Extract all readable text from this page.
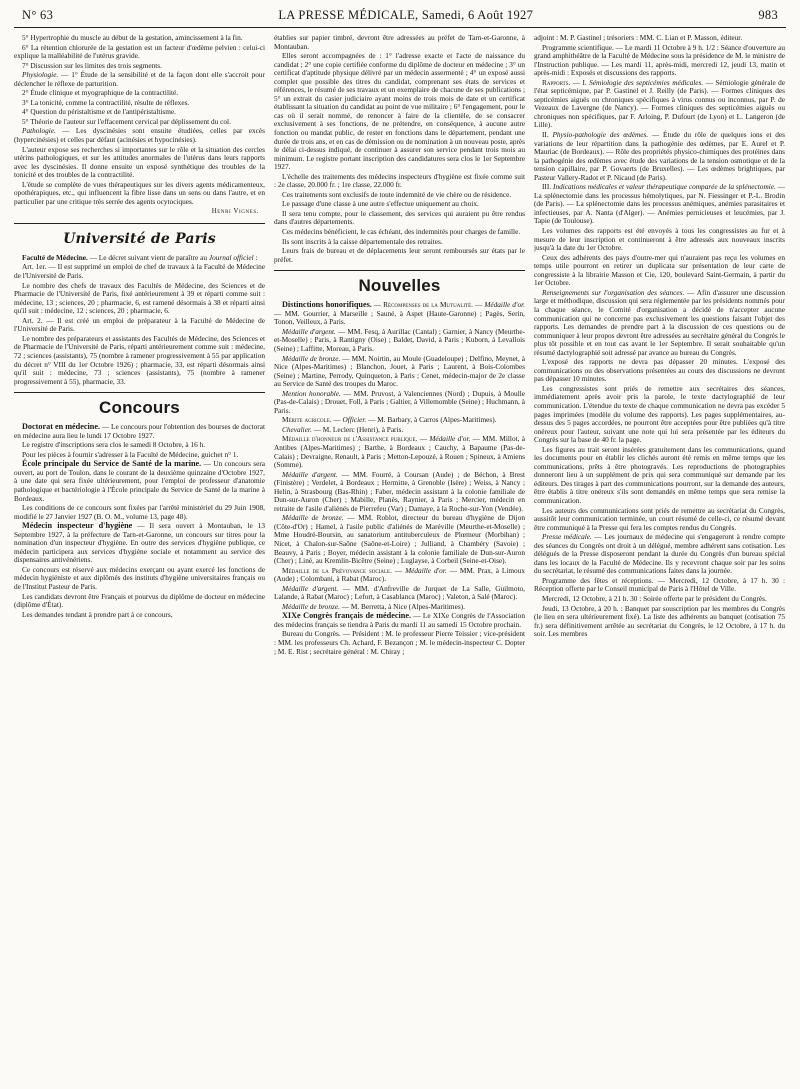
N° 63	LA PRESSE MÉDICALE, Samedi, 6 Août 1927	983

5° Hypertrophie du muscle au début de la gestation, amincissement à la fin.

6° La rétention chlorurée de la gestation est un facteur d'œdème pelvien : celui-ci explique la malléabilité de l'utérus gravide.

7° Discussion sur les limites des trois segments.

Physiologie. — 1° Étude de la sensibilité et de la façon dont elle s'accroit pour déclencher le réflexe de parturition.

2° Étude clinique et myographique de la contractilité.

3° La tonicité, comme la contractilité, résulte de réflexes.

4° Question du péristaltisme et de l'antipéristaltisme.

5° Théorie de l'auteur sur l'effacement cervical par déplissement du col.

Pathologie. — Les dyscinésies sont ensuite étudiées, celles par excès (hypercinésies) et celles par défaut (acinésies et hypocinésies).

L'auteur expose ses recherches si importantes sur le rôle et la situation des cercles utérins pathologiques, et sur les attitudes anormales de l'utérus dans leurs rapports avec les dyscinésies. Il donne ensuite un exposé synthétique des troubles de la tonicité et des troubles de la contractilité.

L'étude se complète de vues thérapeutiques sur les divers agents médicamenteux, opothérapiques, etc., qui influencent la fibre lisse dans un sens ou dans l'autre, et en particulier par une critique très serrée des agents ocytociques.

Henri Vignes.
Université de Paris

Faculté de Médecine. — Le décret suivant vient de paraître au Journal officiel :

Art. 1er. — Il est supprimé un emploi de chef de travaux à la Faculté de Médecine de l'Université de Paris.

Le nombre des chefs de travaux des Facultés de Médecine, des Sciences et de Pharmacie de l'Université de Paris, fixé antérieurement à 39 et réparti comme suit : médecine, 13 ; sciences, 20 ; pharmacie, 6, est ramené désormais à 38 et réparti ainsi qu'il suit : médecine, 12 ; sciences, 20 ; pharmacie, 6.

Art. 2. — Il est créé un emploi de préparateur à la Faculté de Médecine de l'Université de Paris.

Le nombre des préparateurs et assistants des Facultés de Médecine, des Sciences et de Pharmacie de l'Université de Paris, réparti antérieurement comme suit : médecine, 72 ; sciences (assistants), 75 (nombre à ramener progressivement à 55 par application du décret n° VIII du 1er Octobre 1926) ; pharmacie, 33, est réparti désormais ainsi qu'il suit : médecine, 73 ; sciences (assistants), 75 (nombre à ramener progressivement à 55), pharmacie, 33.

Concours

Doctorat en médecine. — Le concours pour l'obtention des bourses de doctorat en médecine aura lieu le lundi 17 Octobre 1927.

Le registre d'inscriptions sera clos le samedi 8 Octobre, à 16 h.

Pour les pièces à fournir s'adresser à la Faculté de Médecine, guichet n° 1.

École principale du Service de Santé de la marine. — Un concours sera ouvert, au port de Toulon, dans le courant de la deuxième quinzaine d'Octobre 1927, à une date qui sera fixée ultérieurement, pour l'emploi de professeur d'anatomie pathologique et bactériologie à l'École principale du Service de Santé de la marine à Bordeaux.

Les conditions de ce concours sont fixées par l'arrêté ministériel du 29 Juin 1908, modifié le 27 Janvier 1927 (B. O. M., volume 13, page 48).

Médecin inspecteur d'hygiène — Il sera ouvert à Montauban, le 13 Septembre 1927, à la préfecture de Tarn-et-Garonne, un concours sur titres pour la nomination d'un inspecteur d'hygiène. En outre des services d'hygiène publique, ce médecin participera aux services d'hygiène sociale et notamment au service des dispensaires antivénériens.

Ce concours est réservé aux médecins exerçant ou ayant exercé les fonctions de médecin hygiéniste et aux diplômés des instituts d'hygiène universitaires français ou de l'Institut Pasteur de Paris.

Les candidats devront être Français et pourvus du diplôme de docteur en médecine (diplôme d'État).

Les demandes tendant à prendre part à ce concours,

établies sur papier timbré, devront être adressées au préfet de Tarn-et-Garonne, à Montauban.

Elles seront accompagnées de : 1° l'adresse exacte et l'acte de naissance du candidat ; 2° une copie certifiée conforme du diplôme de docteur en médecine ; 3° un certificat d'aptitude physique délivré par un médecin assermenté ; 4° un exposé aussi complet que possible des titres du candidat, comprenant ses états de services et références, le résumé de ses travaux et un exemplaire de chacune de ses publications ; 5° un extrait du casier judiciaire ayant moins de trois mois de date et un certificat établissant la situation du candidat au point de vue militaire ; 6° l'engagement, pour le cas où il serait nommé, de renoncer à faire de la clientèle, de se consacrer exclusivement à ses fonctions, de ne prétendre, en conséquence, à aucune autre fonction ou mandat public, de rester en fonctions dans le département, pendant une durée de trois ans, et en cas de démission ou de nomination à un nouveau poste, après le délai ci-dessus indiqué, de continuer à assurer son service pendant trois mois au minimum. Le registre portant inscription des candidatures sera clos le 1er Septembre 1927.

L'échelle des traitements des médecins inspecteurs d'hygiène est fixée comme suit : 2e classe, 20.000 fr. ; 1re classe, 22.000 fr.

Ces traitements sont exclusifs de toute indemnité de vie chère ou de résidence.

Le passage d'une classe à une autre s'effectue uniquement au choix.

Il sera tenu compte, pour le classement, des services qui auraient pu être rendus dans d'autres départements.

Ces médecins bénéficient, le cas échéant, des indemnités pour charges de famille.

Ils sont inscrits à la caisse départementale des retraites.

Leurs frais de bureau et de déplacements leur seront remboursés sur états par le préfet.

Nouvelles

Distinctions honorifiques. — Récompenses de la Mutualité. — Médaille d'or. — MM. Gourrier, à Marseille ; Sauné, à Aspet (Haute-Garonne) ; Pagès, Serin, Tonon, Veilleux, à Paris.

Médaille d'argent. — MM. Fesq, à Aurillac (Cantal) ; Garnier, à Nancy (Meurthe-et-Moselle) ; Paris, à Rantigny (Oise) ; Baldet, David, à Paris ; Kuborn, à Levallois (Seine) ; Laffitte, Moreau, à Paris.

Médaille de bronze. — MM. Noirtin, au Moule (Guadeloupe) ; Delfino, Meynet, à Nice (Alpes-Maritimes) ; Blanchon, Jouet, à Paris ; Laurent, à Bois-Colombes (Seine) ; Martine, Perrody, Quinqueton, à Paris ; Cenet, médecin-major de 2e classe au Service de Santé des troupes du Maroc.

Mention honorable. — MM. Pruvost, à Valenciennes (Nord) ; Dupuis, à Moulle (Pas-de-Calais) ; Drouet, Foll, à Paris ; Galtier, à Villemomble (Seine) ; Huchmann, à Paris.

Mérite agricole. — Officier. — M. Barbary, à Carros (Alpes-Maritimes).

Chevalier. — M. Leclerc (Henri), à Paris.

Médaille d'honneur de l'Assistance publique. — Médaille d'or. — MM. Millot, à Antibes (Alpes-Maritimes) ; Barthe, à Bordeaux ; Cauchy, à Bapaume (Pas-de-Calais) ; Devraigne, Renault, à Paris ; Metton-Lepouzé, à Rouen ; Spineux, à Amiens (Somme).

Médaille d'argent. — MM. Fourré, à Coursan (Aude) ; de Béchon, à Brest (Finistère) ; Verdelet, à Bordeaux ; Hermitte, à Grenoble (Isère) ; Weiss, à Nancy ; Helin, à Strasbourg (Bas-Rhin) ; Faber, médecin assistant à la colonie familiale de Dun-sur-Auron (Cher) ; Mabille, Planès, Raynier, à Paris ; Mercier, médecin en retraite de l'asile d'aliénés de Pierrefeu (Var) ; Damaye, à la Roche-sur-Yon (Vendée).

Médaille de bronze. — MM. Roblot, directeur du bureau d'hygiène de Dijon (Côte-d'Or) ; Hamel, à l'asile public d'aliénés de Maréville (Meurthe-et-Moselle) ; Mme Houdré-Boursin, au sanatorium antituberculeux de Plœmeur (Morbihan) ; Nicet, à Chalon-sur-Saône (Saône-et-Loire) ; Julliand, à Chambéry (Savoie) ; Beauvy, à Paris ; Boyer, médecin assistant à la colonie familiale de Dun-sur-Auron (Cher) ; Liné, au Kremlin-Bicêtre (Seine) ; Luglayse, à Corbeil (Seine-et-Oise).

Médaille de la Prévoyance sociale. — Médaille d'or. — MM. Prax, à Limoux (Aude) ; Colombani, à Rabat (Maroc).

Médaille d'argent. — MM. d'Anfreville de Jurquet de La Salle, Guilmoto, Lalande, à Rabat (Maroc) ; Lefort, à Casablanca (Maroc) ; Valeton, à Salé (Maroc).

Médaille de bronze. — M. Berretta, à Nice (Alpes-Maritimes).

XIXe Congrès français de médecine. — Le XIXe Congrès de l'Association des médecins français se tiendra à Paris du mardi 11 au samedi 15 Octobre prochain.

Bureau du Congrès. — Président : M. le professeur Pierre Teissier ; vice-président : MM. les professeurs Ch. Achard, F. Bezançon ; M. le médecin-inspecteur C. Dopter ; M. E. Rist ; secrétaire général : M. Chiray ;

adjoint : M. P. Gastinel ; trésoriers : MM. C. Lian et P. Masson, éditeur.

Programme scientifique. — Le mardi 11 Octobre à 9 h. 1/2 : Séance d'ouverture au grand amphithéâtre de la Faculté de Médecine sous la présidence de M. le ministre de l'Instruction publique. — Les mardi 11, après-midi, mercredi 12, jeudi 13, matin et après-midi : Exposés et discussions des rapports.

Rapports. — I. Sémiologie des septicémies médicales. — Sémiologie générale de l'état septicémique, par P. Gastinel et J. Reilly (de Paris). — Formes cliniques des septicémies aiguës ou chroniques spécifiques à virus connus ou inconnus, par P. de Vezeaux de Lavergne (de Nancy). — Formes cliniques des septicémies aiguës ou chroniques non spécifiques, par F. Arloing, P. Dufourt (de Lyon) et L. Langeron (de Lille).

II. Physio-pathologie des œdèmes. — Étude du rôle de quelques ions et des variations de leur répartition dans la pathogénie des œdèmes, par E. Aurel et P. Mauriac (de Bordeaux). — Rôle des propriétés physico-chimiques des protéines dans la pathogénie des œdèmes avec étude des variations de la tension osmotique et de la tension capillaire, par P. Govaerts (de Bruxelles). — Les œdèmes brightiques, par Pasteur Vallery-Radot et P. Nicaud (de Paris).

III. Indications médicales et valeur thérapeutique comparée de la splénectomie. — La splénectomie dans les processus hémolytiques, par N. Fiessinger et P.-L. Brodin (de Paris). — La splénectomie dans les processus anémiques, anémies parasitaires et infectieuses, par A. Nanta (d'Alger). — Anémies pernicieuses et leucémies, par J. Tapie (de Toulouse).

Les volumes des rapports est été envoyés à tous les congressistes au fur et à mesure de leur inscription et continueront à être adressés aux nouveaux inscrits jusqu'à la date du 1er Octobre.

Ceux des adhérents des pays d'outre-mer qui n'auraient pas reçu les volumes en temps utile pourront en retirer un duplicata sur présentation de leur carte de congressiste à la librairie Masson et Cie, 120, boulevard Saint-Germain, à partir du 1er Octobre.

Renseignements sur l'organisation des séances. — Afin d'assurer une discussion large et méthodique, discussion qui sera réglementée par les présidents nommés pour la chaque séance, le Comité d'organisation a décidé de n'accepter aucune communication qui ne concerne pas exclusivement les questions faisant l'objet des rapports. Les demandes de prendre part à la discussion de ces questions ou de communiquer à leur propos devront être adressées au secrétaire général du Congrès le plus tôt possible et en tout cas avant le 1er Septembre. Il serait souhaitable qu'un résumé dactylographié soit adressé par avance au bureau du Congrès.

L'exposé des rapports ne devra pas dépasser 20 minutes. L'exposé des communications ou des observations présentées au cours des discussions ne devront pas dépasser 10 minutes.

Les congressistes sont priés de remettre aux secrétaires des séances, immédiatement après avoir pris la parole, le texte dactylographié de leur communication. L'étendue du texte de chaque communication ne devra pas excéder 5 pages imprimées (modèle du volume des rapports). Les pages supplémentaires, au-dessus des 5 pages accordées, ne pourront être acceptées pour être publiées qu'à titre onéreux pour l'auteur, suivant une note qui lui sera présentée par les éditeurs du Congrès sur la base de 40 fr. la page.

Les figures au trait seront insérées gratuitement dans les communications, quand les documents pour en établir les clichés auront été remis en même temps que les communications, prêts à être photogravés. Les reproductions de photographies donneront lieu à un supplément de prix qui sera communiqué sur demande par les éditeurs. Des tirages à part des communications pourront, sur la demande des auteurs, être établis à titre onéreux s'ils sont demandés en même temps que sera remise la communication.

Les auteurs des communications sont priés de remettre au secrétariat du Congrès, aussitôt leur communication terminée, un court résumé de celle-ci, ce résumé devant être communiqué à la Presse qui fera les comptes rendus du Congrès.

Presse médicale. — Les journaux de médecine qui s'engageront à rendre compte des séances du Congrès ont droit à un délégué, membre adhérent sans cotisation. Les délégués de la Presse disposeront pendant la durée du Congrès d'un bureau spécial dans les locaux de la Faculté de Médecine. Ils y recevront chaque soir par les soins du secrétariat, le résumé des communications faites dans la journée.

Programme des fêtes et réceptions. — Mercredi, 12 Octobre, à 17 h. 30 : Réception offerte par le Conseil municipal de Paris à l'Hôtel de Ville.

Mercredi, 12 Octobre, à 21 h. 30 : Soirée offerte par le président du Congrès.

Jeudi, 13 Octobre, à 20 h. : Banquet par souscription par les membres du Congrès (le lieu en sera ultérieurement fixé). La liste des adhérents au banquet (cotisation 75 fr.) sera définitivement arrêtée au secrétariat du Congrès, le 12 Octobre, à 17 h. du soir. Les membres
